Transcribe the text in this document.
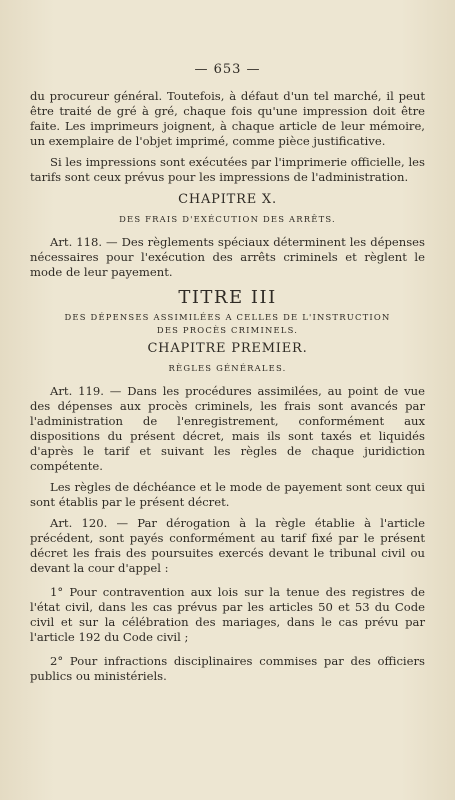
— 653 —

du procureur général. Toutefois, à défaut d'un tel marché, il peut être traité de gré à gré, chaque fois qu'une impression doit être faite. Les imprimeurs joignent, à chaque article de leur mémoire, un exemplaire de l'objet imprimé, comme pièce justificative.

Si les impressions sont exécutées par l'imprimerie officielle, les tarifs sont ceux prévus pour les impressions de l'administration.

CHAPITRE X.
DES FRAIS D'EXÉCUTION DES ARRÊTS.

Art. 118. — Des règlements spéciaux déterminent les dépenses nécessaires pour l'exécution des arrêts criminels et règlent le mode de leur payement.

TITRE III
DES DÉPENSES ASSIMILÉES A CELLES DE L'INSTRUCTION
DES PROCÈS CRIMINELS.
CHAPITRE PREMIER.
RÈGLES GÉNÉRALES.

Art. 119. — Dans les procédures assimilées, au point de vue des dépenses aux procès criminels, les frais sont avancés par l'administration de l'enregistrement, conformément aux dispositions du présent décret, mais ils sont taxés et liquidés d'après le tarif et suivant les règles de chaque juridiction compétente.

Les règles de déchéance et le mode de payement sont ceux qui sont établis par le présent décret.

Art. 120. — Par dérogation à la règle établie à l'article précédent, sont payés conformément au tarif fixé par le présent décret les frais des poursuites exercés devant le tribunal civil ou devant la cour d'appel :

1° Pour contravention aux lois sur la tenue des registres de l'état civil, dans les cas prévus par les articles 50 et 53 du Code civil et sur la célébration des mariages, dans le cas prévu par l'article 192 du Code civil ;

2° Pour infractions disciplinaires commises par des officiers publics ou ministériels.
